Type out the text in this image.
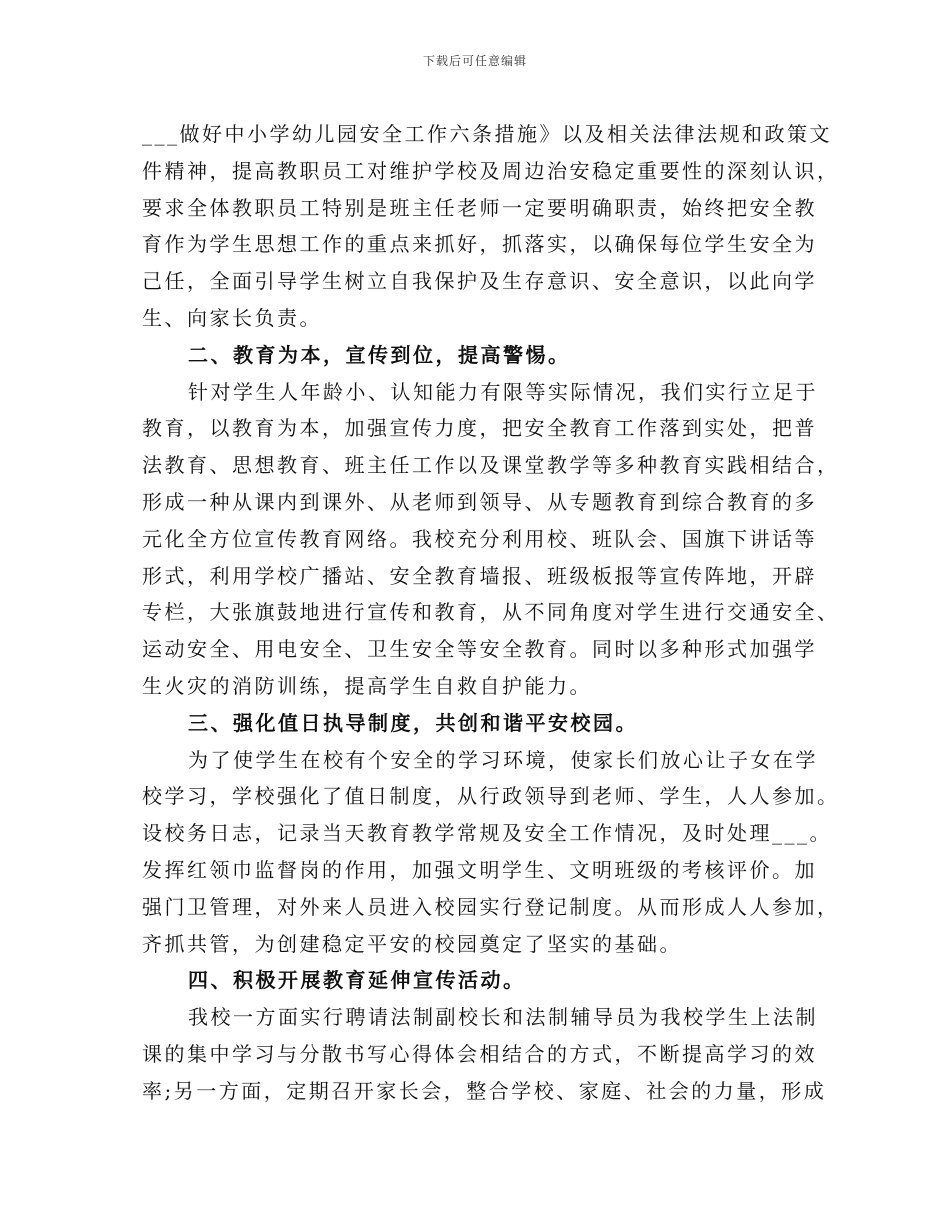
下载后可任意编辑
___做好中小学幼儿园安全工作六条措施》以及相关法律法规和政策文
件精神，提高教职员工对维护学校及周边治安稳定重要性的深刻认识，
要求全体教职员工特别是班主任老师一定要明确职责，始终把安全教
育作为学生思想工作的重点来抓好，抓落实，以确保每位学生安全为
己任，全面引导学生树立自我保护及生存意识、安全意识，以此向学
生、向家长负责。
二、教育为本，宣传到位，提高警惕。
针对学生人年龄小、认知能力有限等实际情况，我们实行立足于
教育，以教育为本，加强宣传力度，把安全教育工作落到实处，把普
法教育、思想教育、班主任工作以及课堂教学等多种教育实践相结合，
形成一种从课内到课外、从老师到领导、从专题教育到综合教育的多
元化全方位宣传教育网络。我校充分利用校、班队会、国旗下讲话等
形式，利用学校广播站、安全教育墙报、班级板报等宣传阵地，开辟
专栏，大张旗鼓地进行宣传和教育，从不同角度对学生进行交通安全、
运动安全、用电安全、卫生安全等安全教育。同时以多种形式加强学
生火灾的消防训练，提高学生自救自护能力。
三、强化值日执导制度，共创和谐平安校园。
为了使学生在校有个安全的学习环境，使家长们放心让子女在学
校学习，学校强化了值日制度，从行政领导到老师、学生，人人参加。
设校务日志，记录当天教育教学常规及安全工作情况，及时处理___。
发挥红领巾监督岗的作用，加强文明学生、文明班级的考核评价。加
强门卫管理，对外来人员进入校园实行登记制度。从而形成人人参加，
齐抓共管，为创建稳定平安的校园奠定了坚实的基础。
四、积极开展教育延伸宣传活动。
我校一方面实行聘请法制副校长和法制辅导员为我校学生上法制
课的集中学习与分散书写心得体会相结合的方式，不断提高学习的效
率;另一方面，定期召开家长会，整合学校、家庭、社会的力量，形成
